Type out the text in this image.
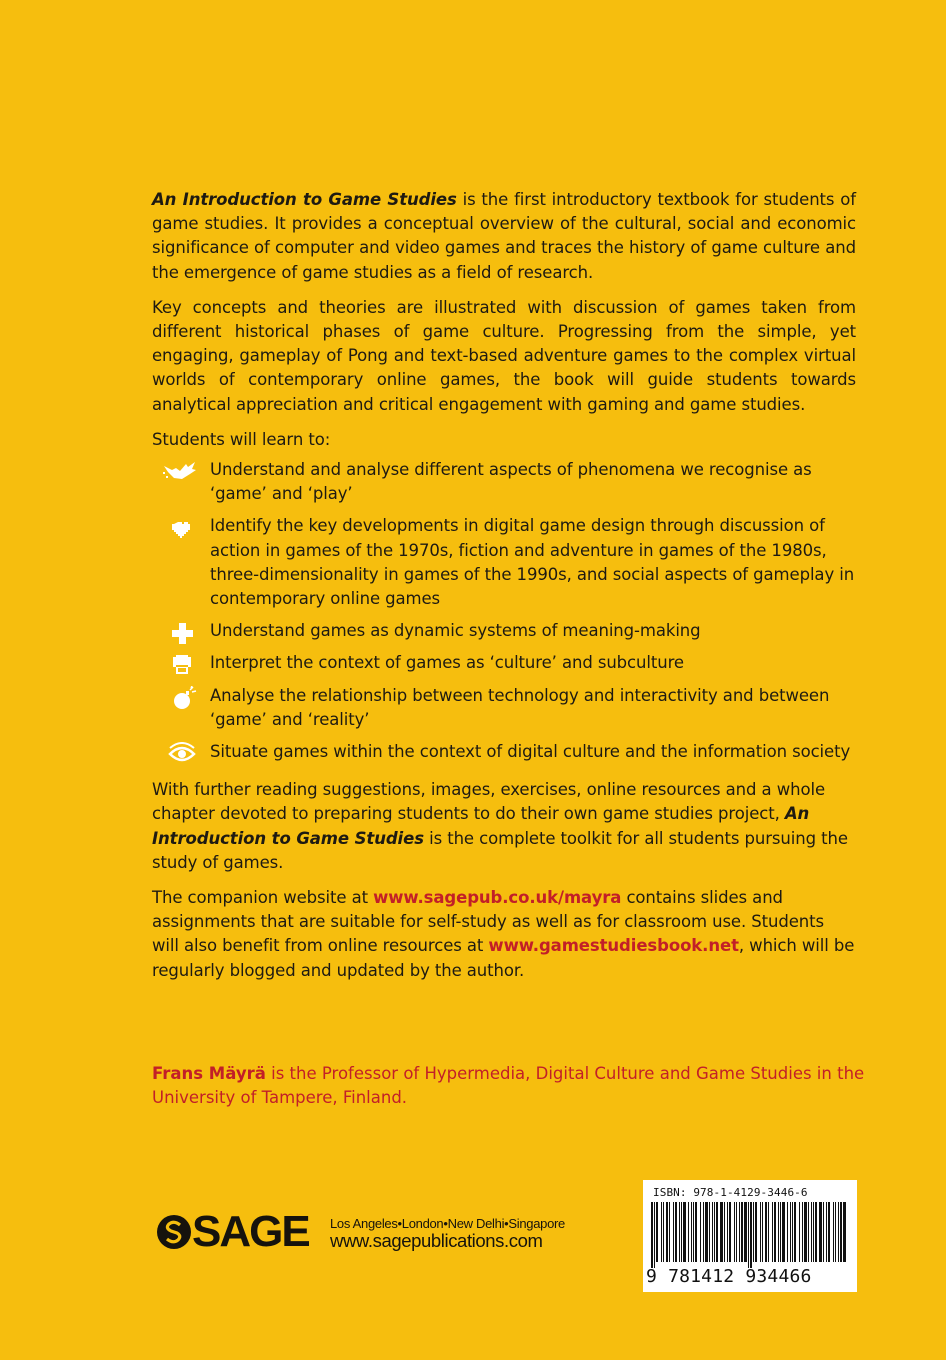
An Introduction to Game Studies is the first introductory textbook for students of game studies. It provides a conceptual overview of the cultural, social and economic significance of computer and video games and traces the history of game culture and the emergence of game studies as a field of research.

Key concepts and theories are illustrated with discussion of games taken from different historical phases of game culture. Progressing from the simple, yet engaging, gameplay of Pong and text-based adventure games to the complex virtual worlds of contemporary online games, the book will guide students towards analytical appreciation and critical engagement with gaming and game studies.

Students will learn to:

Understand and analyse different aspects of phenomena we recognise as ‘game’ and ‘play’
Identify the key developments in digital game design through discussion of action in games of the 1970s, fiction and adventure in games of the 1980s, three-dimensionality in games of the 1990s, and social aspects of gameplay in contemporary online games
Understand games as dynamic systems of meaning-making
Interpret the context of games as ‘culture’ and subculture
Analyse the relationship between technology and interactivity and between ‘game’ and ‘reality’
Situate games within the context of digital culture and the information society

With further reading suggestions, images, exercises, online resources and a whole chapter devoted to preparing students to do their own game studies project, An Introduction to Game Studies is the complete toolkit for all students pursuing the study of games.

The companion website at www.sagepub.co.uk/mayra contains slides and assignments that are suitable for self-study as well as for classroom use. Students will also benefit from online resources at www.gamestudiesbook.net, which will be regularly blogged and updated by the author.

Frans Mäyrä is the Professor of Hypermedia, Digital Culture and Game Studies in the University of Tampere, Finland.
SAGE Los Angeles•London•New Delhi•Singapore
www.sagepublications.com
ISBN: 978-1-4129-3446-6
9 781412 934466
